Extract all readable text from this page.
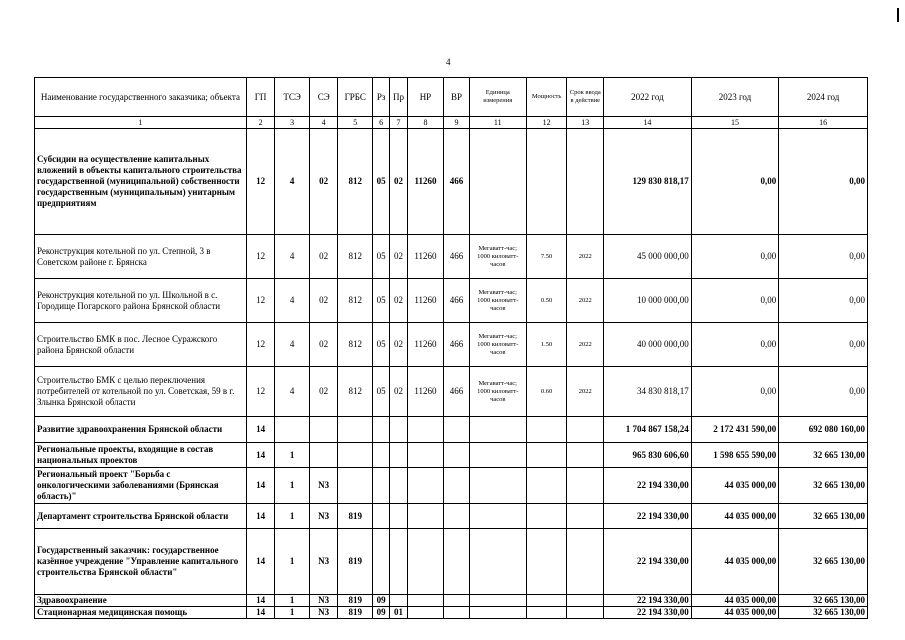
4
Наименование государственного заказчика; объекта	ГП	ТСЭ	СЭ	ГРБС	Рз	Пр	НР	ВР	Единица измерения	Мощность	Срок ввода в действие	2022 год	2023 год	2024 год
1	2	3	4	5	6	7	8	9	11	12	13	14	15	16
Субсидии на осуществление капитальных вложений в объекты капитального строительства государственной (муниципальной) собственности государственным (муниципальным) унитарным предприятиям	12	4	02	812	05	02	11260	466				129 830 818,17	0,00	0,00
Реконструкция котельной по ул. Степной, 3 в Советском районе г. Брянска	12	4	02	812	05	02	11260	466	Мегаватт-час; 1000 киловатт-часов	7.50	2022	45 000 000,00	0,00	0,00
Реконструкция котельной по ул. Школьной в с. Городище Погарского района Брянской области	12	4	02	812	05	02	11260	466	Мегаватт-час; 1000 киловатт-часов	0.50	2022	10 000 000,00	0,00	0,00
Строительство БМК в пос. Лесное Суражского района Брянской области	12	4	02	812	05	02	11260	466	Мегаватт-час; 1000 киловатт-часов	1.50	2022	40 000 000,00	0,00	0,00
Строительство БМК с целью переключения потребителей от котельной по ул. Советская, 59 в г. Злынка Брянской области	12	4	02	812	05	02	11260	466	Мегаватт-час; 1000 киловатт-часов	0.60	2022	34 830 818,17	0,00	0,00
Развитие здравоохранения Брянской области	14											1 704 867 158,24	2 172 431 590,00	692 080 160,00
Региональные проекты, входящие в состав национальных проектов	14	1										965 830 606,60	1 598 655 590,00	32 665 130,00
Региональный проект "Борьба с онкологическими заболеваниями (Брянская область)"	14	1	N3									22 194 330,00	44 035 000,00	32 665 130,00
Департамент строительства Брянской области	14	1	N3	819								22 194 330,00	44 035 000,00	32 665 130,00
Государственный заказчик: государственное казённое учреждение "Управление капитального строительства Брянской области"	14	1	N3	819								22 194 330,00	44 035 000,00	32 665 130,00
Здравоохранение	14	1	N3	819	09							22 194 330,00	44 035 000,00	32 665 130,00
Стационарная медицинская помощь	14	1	N3	819	09	01						22 194 330,00	44 035 000,00	32 665 130,00
